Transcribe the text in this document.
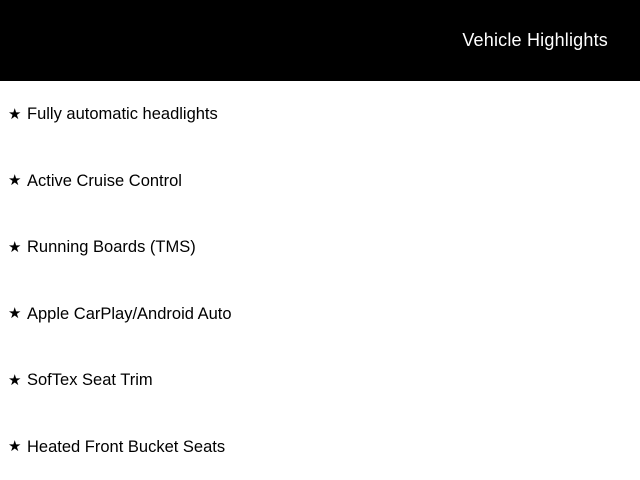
Vehicle Highlights
★ Fully automatic headlights
★ Active Cruise Control
★ Running Boards (TMS)
★ Apple CarPlay/Android Auto
★ SofTex Seat Trim
★ Heated Front Bucket Seats
